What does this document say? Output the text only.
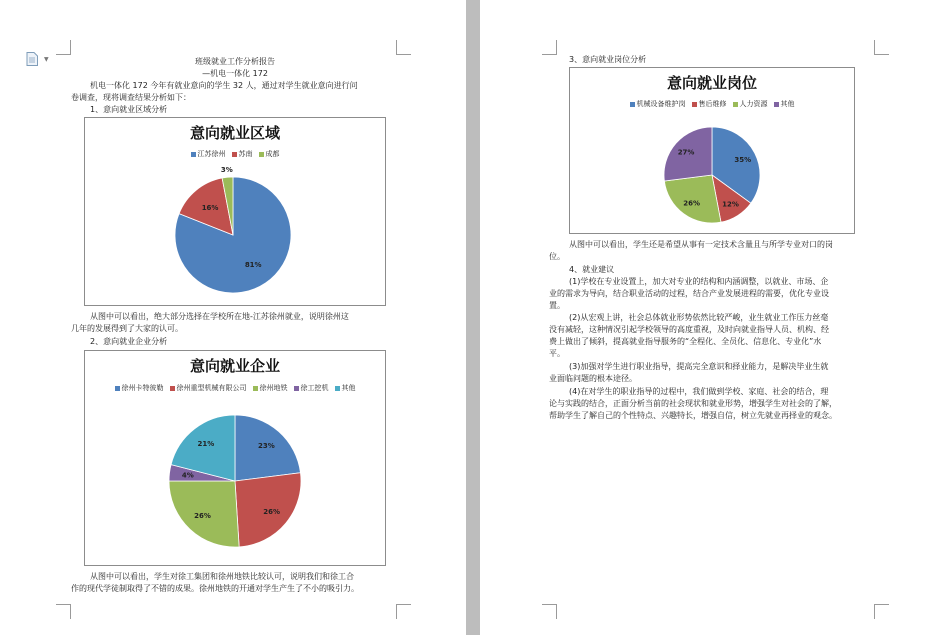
▼	班级就业工作分析报告
—机电一体化 172
机电一体化 172 今年有就业意向的学生 32 人，通过对学生就业意向进行问
卷调查，现将调查结果分析如下：
1、意向就业区域分析
意向就业区域
江苏徐州 苏南 成都
81%
16%
3%
从图中可以看出，绝大部分选择在学校所在地-江苏徐州就业，说明徐州这
几年的发展得到了大家的认可。
2、意向就业企业分析
意向就业企业
徐州卡特彼勒 徐州重型机械有限公司 徐州地铁 徐工挖机 其他
23%
26%
26%
4%
21%
从图中可以看出，学生对徐工集团和徐州地铁比较认可，说明我们和徐工合
作的现代学徒制取得了不错的成果。徐州地铁的开通对学生产生了不小的吸引力。
3、意向就业岗位分析
意向就业岗位
机械设备维护岗 售后维修 人力资源 其他
35%
12%
26%
27%
从图中可以看出，学生还是希望从事有一定技术含量且与所学专业对口的岗
位。
4、就业建议
(1)学校在专业设置上，加大对专业的结构和内涵调整，以就业、市场、企
业的需求为导向，结合职业活动的过程，结合产业发展进程的需要，优化专业设
置。
(2)从宏观上讲，社会总体就业形势依然比较严峻，业生就业工作压力丝毫
没有减轻，这种情况引起学校领导的高度重视，及时向就业指导人员、机构、经
费上做出了倾斜，提高就业指导服务的“全程化、全员化、信息化、专业化”水
平。
(3)加强对学生进行职业指导，提高完全意识和择业能力，是解决毕业生就
业面临问题的根本途径。
(4)在对学生的职业指导的过程中，我们做到学校、家庭、社会的结合，理
论与实践的结合，正面分析当前的社会现状和就业形势，增强学生对社会的了解，
帮助学生了解自己的个性特点、兴趣特长，增强自信，树立先就业再择业的观念。
